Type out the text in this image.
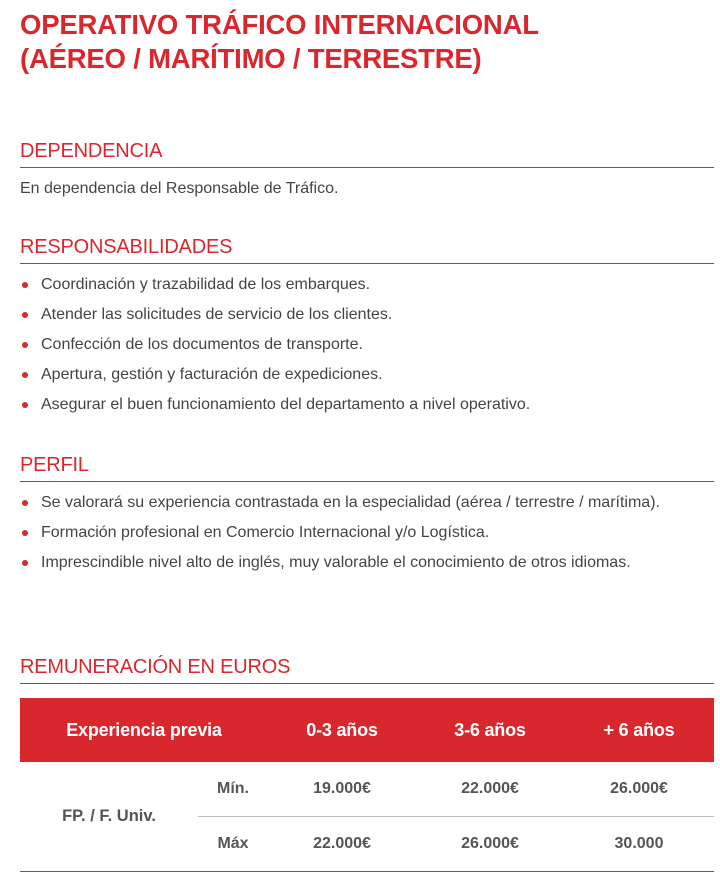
OPERATIVO TRÁFICO INTERNACIONAL
(AÉREO / MARÍTIMO / TERRESTRE)
DEPENDENCIA
En dependencia del Responsable de Tráfico.
RESPONSABILIDADES
Coordinación y trazabilidad de los embarques.
Atender las solicitudes de servicio de los clientes.
Confección de los documentos de transporte.
Apertura, gestión y facturación de expediciones.
Asegurar el buen funcionamiento del departamento a nivel operativo.
PERFIL
Se valorará su experiencia contrastada en la especialidad (aérea / terrestre / marítima).
Formación profesional en Comercio Internacional y/o Logística.
Imprescindible nivel alto de inglés, muy valorable el conocimiento de otros idiomas.
REMUNERACIÓN EN EUROS
Experiencia previa		0-3 años	3-6 años	+ 6 años
FP. / F. Univ.	Mín.	19.000€	22.000€	26.000€
	Máx	22.000€	26.000€	30.000
